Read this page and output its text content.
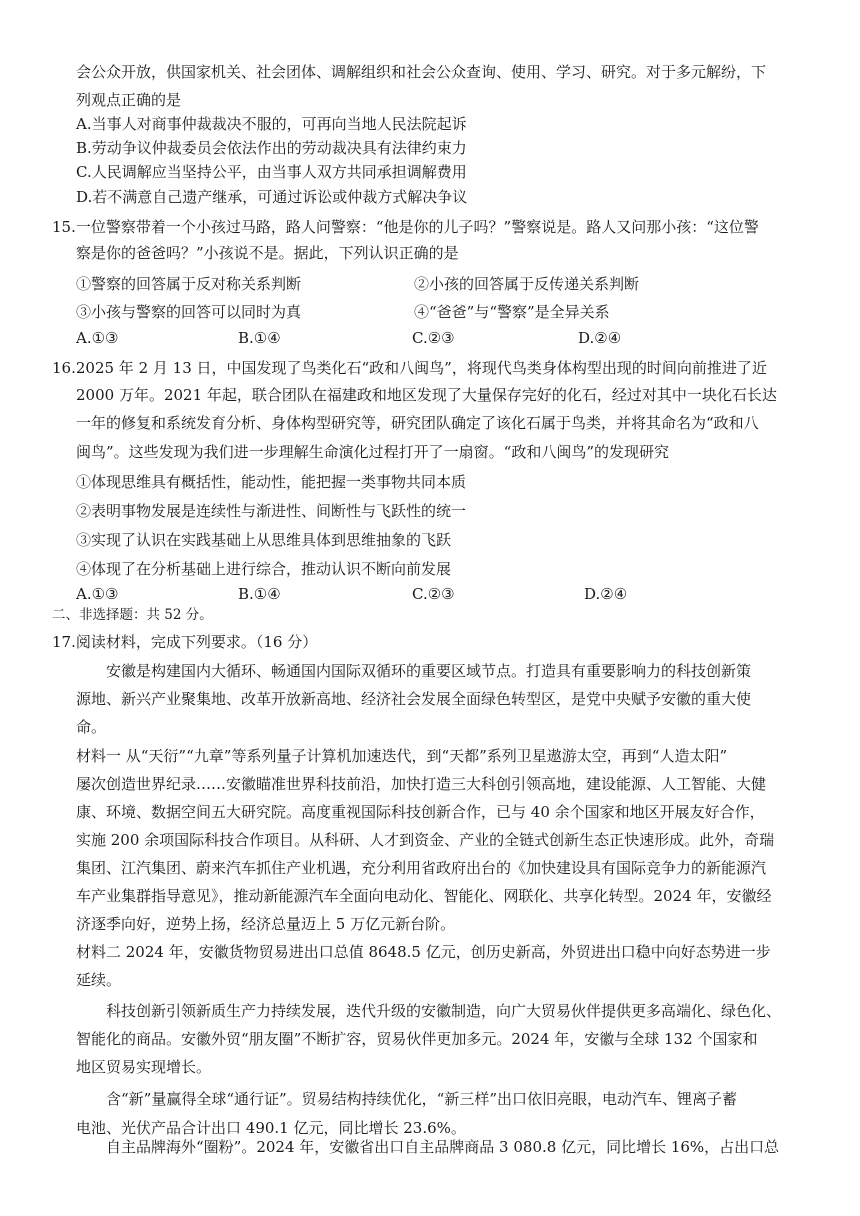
会公众开放，供国家机关、社会团体、调解组织和社会公众查询、使用、学习、研究。对于多元解纷，下
列观点正确的是
A.当事人对商事仲裁裁决不服的，可再向当地人民法院起诉
B.劳动争议仲裁委员会依法作出的劳动裁决具有法律约束力
C.人民调解应当坚持公平，由当事人双方共同承担调解费用
D.若不满意自己遗产继承，可通过诉讼或仲裁方式解决争议
15.一位警察带着一个小孩过马路，路人问警察：“他是你的儿子吗？”警察说是。路人又问那小孩：“这位警
察是你的爸爸吗？”小孩说不是。据此，下列认识正确的是
①警察的回答属于反对称关系判断	②小孩的回答属于反传递关系判断
③小孩与警察的回答可以同时为真	④“爸爸”与“警察”是全异关系
A.①③	B.①④	C.②③	D.②④
16.2025 年 2 月 13 日，中国发现了鸟类化石“政和八闽鸟”，将现代鸟类身体构型出现的时间向前推进了近
2000 万年。2021 年起，联合团队在福建政和地区发现了大量保存完好的化石，经过对其中一块化石长达
一年的修复和系统发育分析、身体构型研究等，研究团队确定了该化石属于鸟类，并将其命名为“政和八
闽鸟”。这些发现为我们进一步理解生命演化过程打开了一扇窗。“政和八闽鸟”的发现研究
①体现思维具有概括性，能动性，能把握一类事物共同本质
②表明事物发展是连续性与渐进性、间断性与飞跃性的统一
③实现了认识在实践基础上从思维具体到思维抽象的飞跃
④体现了在分析基础上进行综合，推动认识不断向前发展
A.①③	B.①④	C.②③	D.②④
二、非选择题：共 52 分。
17.阅读材料，完成下列要求。（16 分）
安徽是构建国内大循环、畅通国内国际双循环的重要区域节点。打造具有重要影响力的科技创新策
源地、新兴产业聚集地、改革开放新高地、经济社会发展全面绿色转型区，是党中央赋予安徽的重大使
命。
材料一 从“天衍”“九章”等系列量子计算机加速迭代，到“天都”系列卫星遨游太空，再到“人造太阳”
屡次创造世界纪录……安徽瞄准世界科技前沿，加快打造三大科创引领高地，建设能源、人工智能、大健
康、环境、数据空间五大研究院。高度重视国际科技创新合作，已与 40 余个国家和地区开展友好合作，
实施 200 余项国际科技合作项目。从科研、人才到资金、产业的全链式创新生态正快速形成。此外，奇瑞
集团、江汽集团、蔚来汽车抓住产业机遇，充分利用省政府出台的《加快建设具有国际竞争力的新能源汽
车产业集群指导意见》，推动新能源汽车全面向电动化、智能化、网联化、共享化转型。2024 年，安徽经
济逐季向好，逆势上扬，经济总量迈上 5 万亿元新台阶。
材料二 2024 年，安徽货物贸易进出口总值 8648.5 亿元，创历史新高，外贸进出口稳中向好态势进一步
延续。
科技创新引领新质生产力持续发展，迭代升级的安徽制造，向广大贸易伙伴提供更多高端化、绿色化、
智能化的商品。安徽外贸“朋友圈”不断扩容，贸易伙伴更加多元。2024 年，安徽与全球 132 个国家和
地区贸易实现增长。
含“新”量赢得全球“通行证”。贸易结构持续优化，“新三样”出口依旧亮眼，电动汽车、锂离子蓄
电池、光伏产品合计出口 490.1 亿元，同比增长 23.6%。
自主品牌海外“圈粉”。2024 年，安徽省出口自主品牌商品 3 080.8 亿元，同比增长 16%，占出口总
